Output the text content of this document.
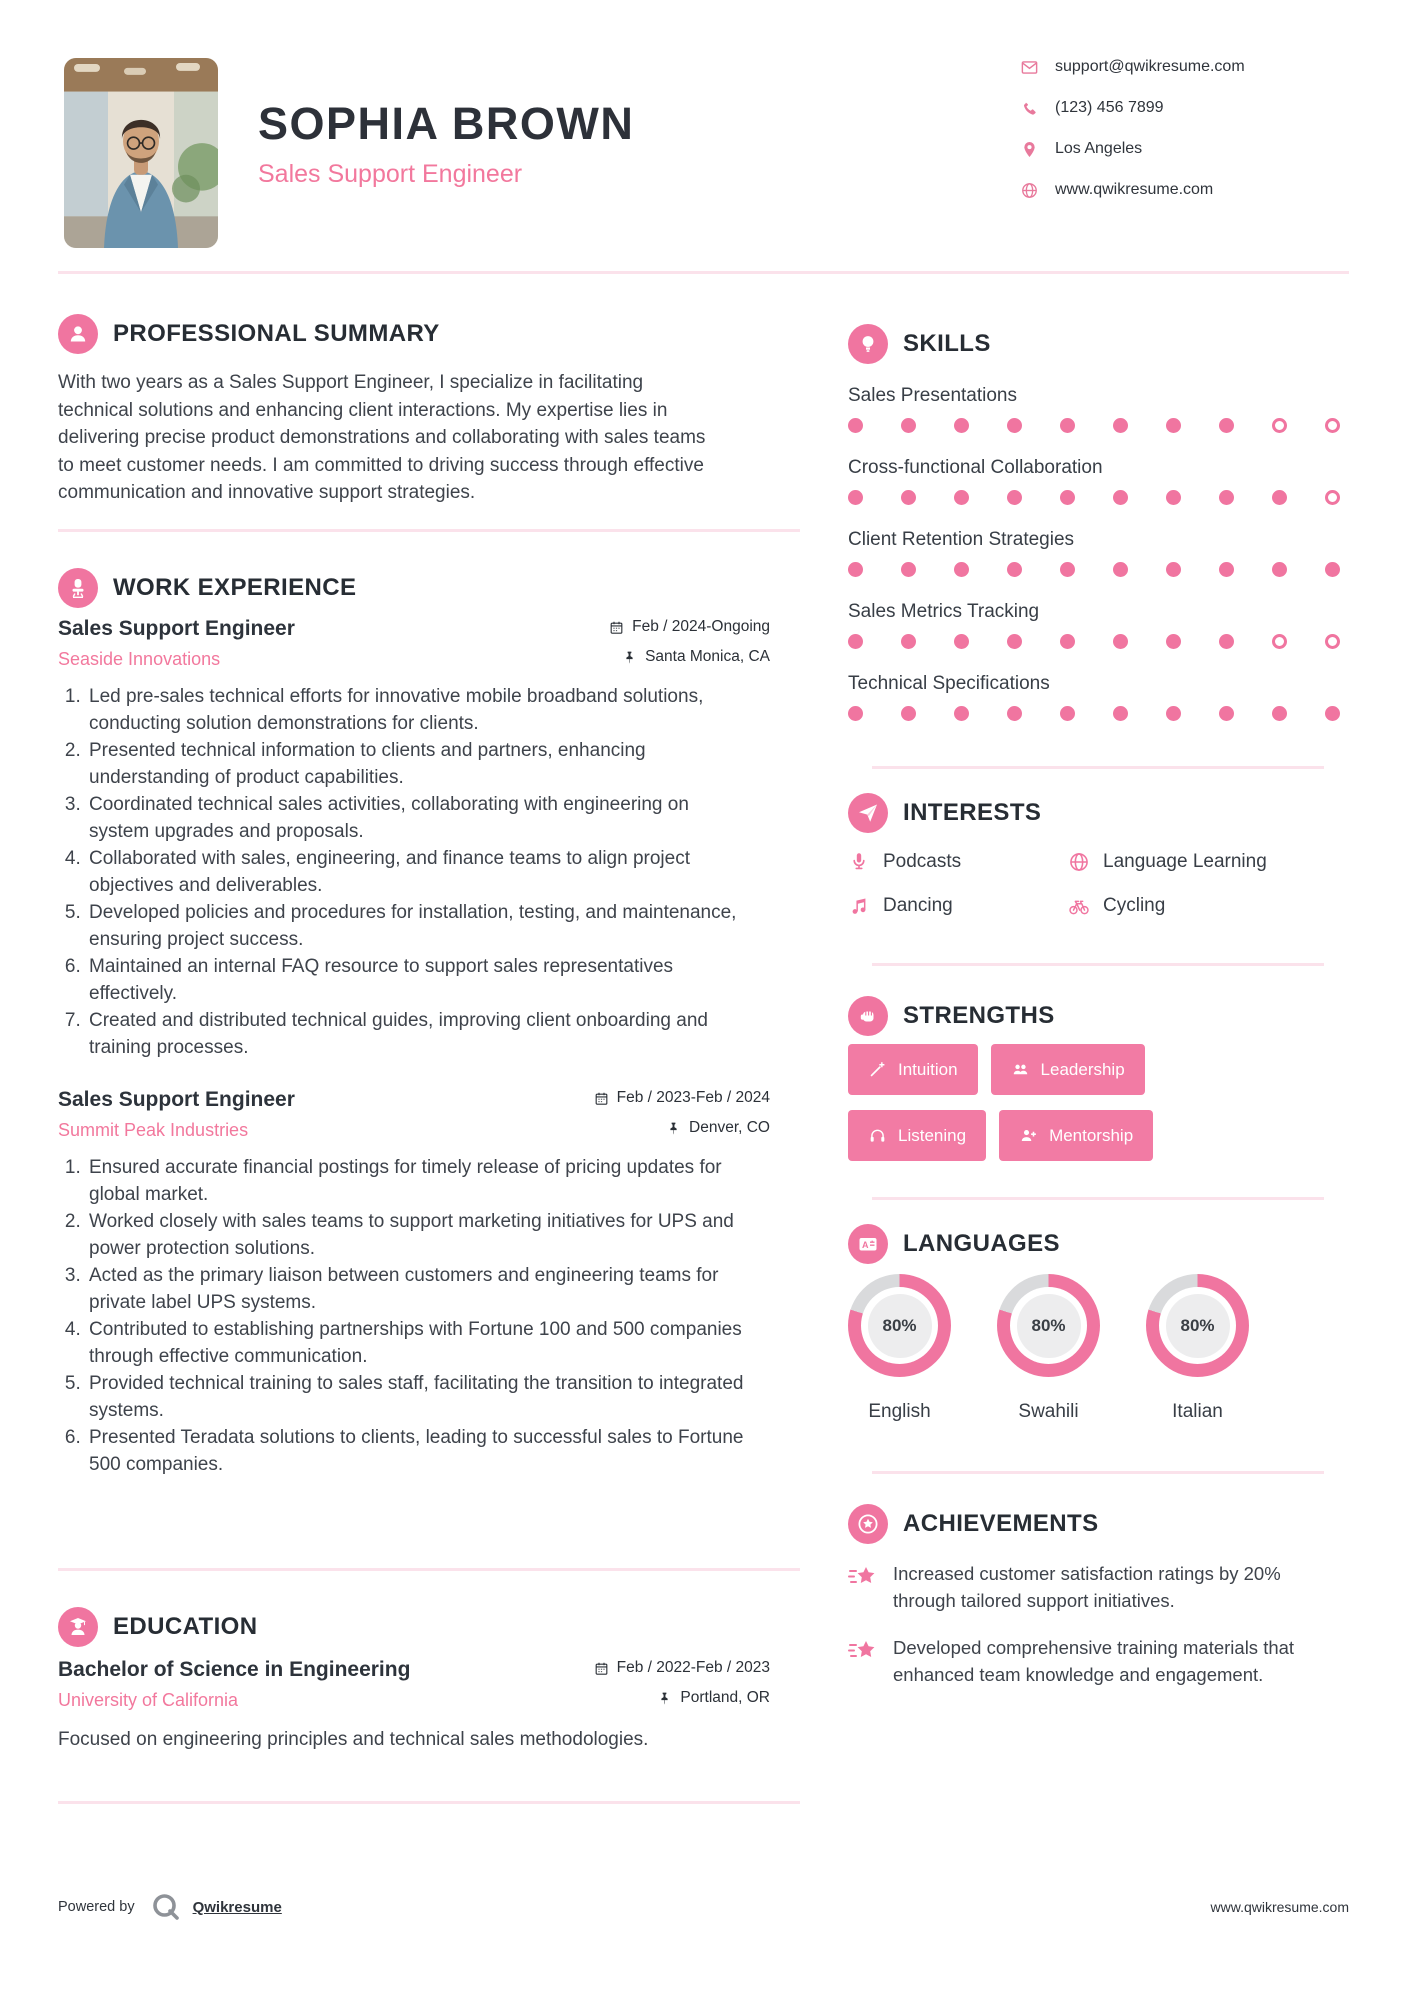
SOPHIA BROWN
Sales Support Engineer
support@qwikresume.com
(123) 456 7899
Los Angeles
www.qwikresume.com
PROFESSIONAL SUMMARY
With two years as a Sales Support Engineer, I specialize in facilitating technical solutions and enhancing client interactions. My expertise lies in delivering precise product demonstrations and collaborating with sales teams to meet customer needs. I am committed to driving success through effective communication and innovative support strategies.
WORK EXPERIENCE
Sales Support Engineer	Feb / 2024-Ongoing
Seaside Innovations	Santa Monica, CA
1. Led pre-sales technical efforts for innovative mobile broadband solutions, conducting solution demonstrations for clients.
2. Presented technical information to clients and partners, enhancing understanding of product capabilities.
3. Coordinated technical sales activities, collaborating with engineering on system upgrades and proposals.
4. Collaborated with sales, engineering, and finance teams to align project objectives and deliverables.
5. Developed policies and procedures for installation, testing, and maintenance, ensuring project success.
6. Maintained an internal FAQ resource to support sales representatives effectively.
7. Created and distributed technical guides, improving client onboarding and training processes.
Sales Support Engineer	Feb / 2023-Feb / 2024
Summit Peak Industries	Denver, CO
1. Ensured accurate financial postings for timely release of pricing updates for global market.
2. Worked closely with sales teams to support marketing initiatives for UPS and power protection solutions.
3. Acted as the primary liaison between customers and engineering teams for private label UPS systems.
4. Contributed to establishing partnerships with Fortune 100 and 500 companies through effective communication.
5. Provided technical training to sales staff, facilitating the transition to integrated systems.
6. Presented Teradata solutions to clients, leading to successful sales to Fortune 500 companies.
EDUCATION
Bachelor of Science in Engineering	Feb / 2022-Feb / 2023
University of California	Portland, OR
Focused on engineering principles and technical sales methodologies.
SKILLS
Sales Presentations
Cross-functional Collaboration
Client Retention Strategies
Sales Metrics Tracking
Technical Specifications
INTERESTS
Podcasts	Language Learning
Dancing	Cycling
STRENGTHS
Intuition	Leadership
Listening	Mentorship
A LANGUAGES
80%
English
80%
Swahili
80%
Italian
ACHIEVEMENTS
Increased customer satisfaction ratings by 20% through tailored support initiatives.
Developed comprehensive training materials that enhanced team knowledge and engagement.
Powered by	Qwikresume	www.qwikresume.com
